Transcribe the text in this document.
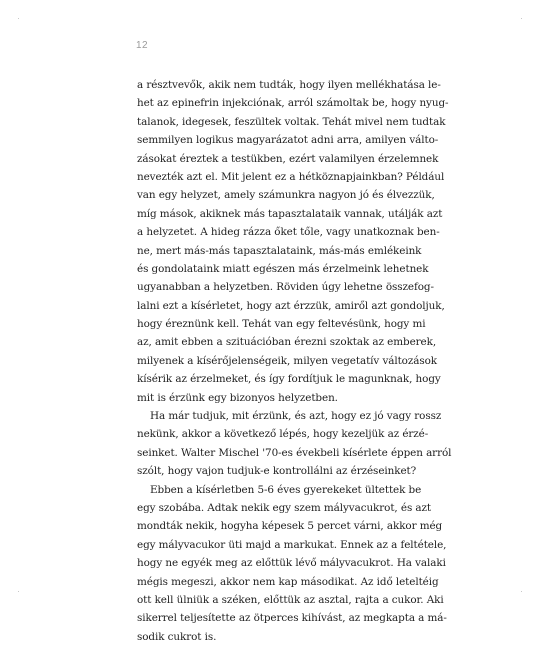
12
a résztvevők, akik nem tudták, hogy ilyen mellékhatása le-
het az epinefrin injekciónak, arról számoltak be, hogy nyug-
talanok, idegesek, feszültek voltak. Tehát mivel nem tudtak
semmilyen logikus magyarázatot adni arra, amilyen válto-
zásokat éreztek a testükben, ezért valamilyen érzelemnek
nevezték azt el. Mit jelent ez a hétköznapjainkban? Például
van egy helyzet, amely számunkra nagyon jó és élvezzük,
míg mások, akiknek más tapasztalataik vannak, utálják azt
a helyzetet. A hideg rázza őket tőle, vagy unatkoznak ben-
ne, mert más-más tapasztalataink, más-más emlékeink
és gondolataink miatt egészen más érzelmeink lehetnek
ugyanabban a helyzetben. Röviden úgy lehetne összefog-
lalni ezt a kísérletet, hogy azt érzzük, amiről azt gondoljuk,
hogy éreznünk kell. Tehát van egy feltevésünk, hogy mi
az, amit ebben a szituációban érezni szoktak az emberek,
milyenek a kísérőjelenségeik, milyen vegetatív változások
kísérik az érzelmeket, és így fordítjuk le magunknak, hogy
mit is érzünk egy bizonyos helyzetben.
Ha már tudjuk, mit érzünk, és azt, hogy ez jó vagy rossz
nekünk, akkor a következő lépés, hogy kezeljük az érzé-
seinket. Walter Mischel '70-es évekbeli kísérlete éppen arról
szólt, hogy vajon tudjuk-e kontrollálni az érzéseinket?
Ebben a kísérletben 5-6 éves gyerekeket ültettek be
egy szobába. Adtak nekik egy szem mályvacukrot, és azt
mondták nekik, hogyha képesek 5 percet várni, akkor még
egy mályvacukor üti majd a markukat. Ennek az a feltétele,
hogy ne egyék meg az előttük lévő mályvacukrot. Ha valaki
mégis megeszi, akkor nem kap másodikat. Az idő leteltéig
ott kell ülniük a széken, előttük az asztal, rajta a cukor. Aki
sikerrel teljesítette az ötperces kihívást, az megkapta a má-
sodik cukrot is.
